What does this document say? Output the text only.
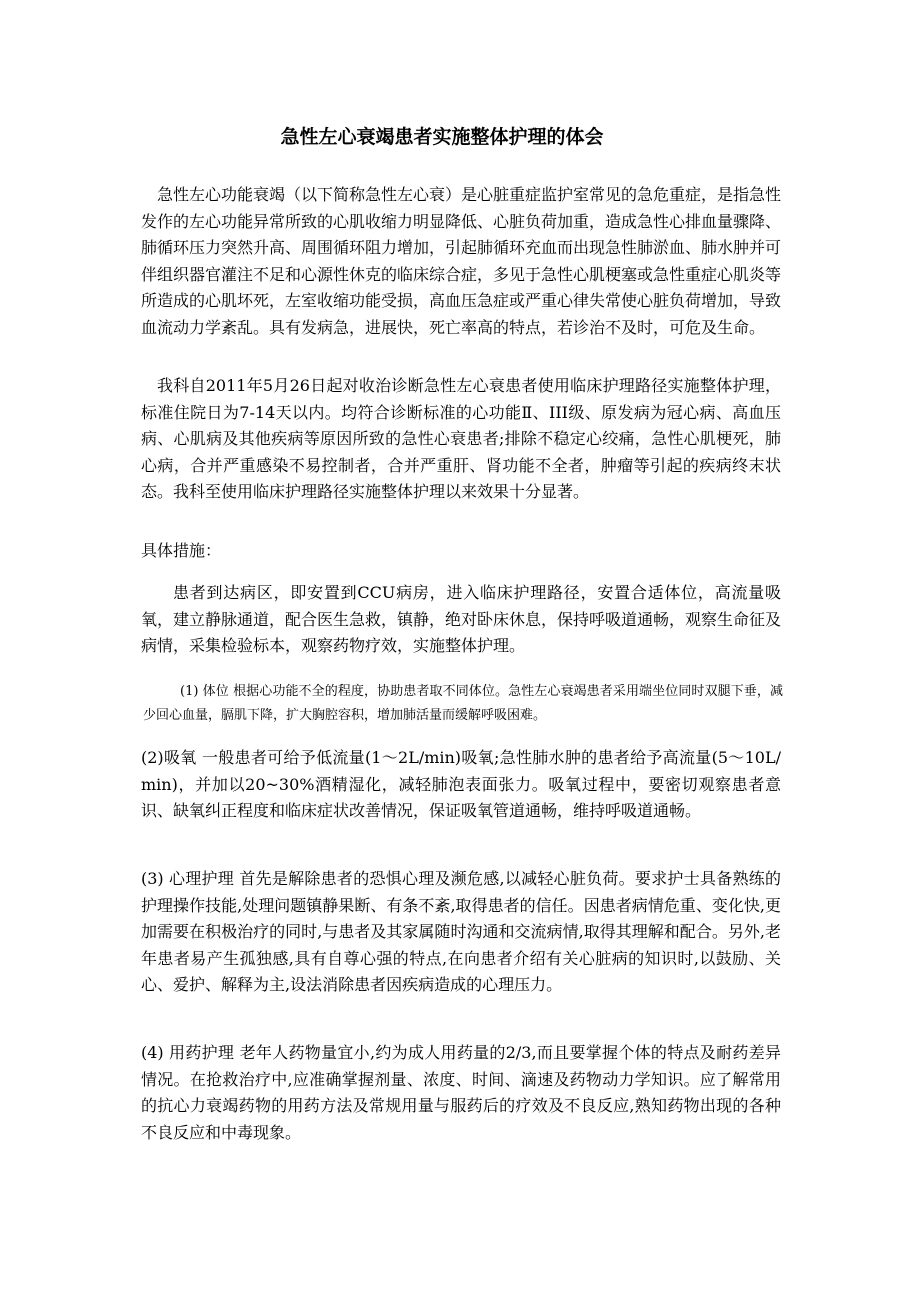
急性左心衰竭患者实施整体护理的体会

急性左心功能衰竭（以下简称急性左心衰）是心脏重症监护室常见的急危重症，是指急性发作的左心功能异常所致的心肌收缩力明显降低、心脏负荷加重，造成急性心排血量骤降、肺循环压力突然升高、周围循环阻力增加，引起肺循环充血而出现急性肺淤血、肺水肿并可伴组织器官灌注不足和心源性休克的临床综合症，多见于急性心肌梗塞或急性重症心肌炎等所造成的心肌坏死，左室收缩功能受损，高血压急症或严重心律失常使心脏负荷增加，导致血流动力学紊乱。具有发病急，进展快，死亡率高的特点，若诊治不及时，可危及生命。

我科自2011年5月26日起对收治诊断急性左心衰患者使用临床护理路径实施整体护理，标准住院日为7-14天以内。均符合诊断标准的心功能Ⅱ、III级、原发病为冠心病、高血压病、心肌病及其他疾病等原因所致的急性心衰患者;排除不稳定心绞痛，急性心肌梗死，肺心病，合并严重感染不易控制者，合并严重肝、肾功能不全者，肿瘤等引起的疾病终末状态。我科至使用临床护理路径实施整体护理以来效果十分显著。

具体措施：

患者到达病区，即安置到CCU病房，进入临床护理路径，安置合适体位，高流量吸氧，建立静脉通道，配合医生急救，镇静，绝对卧床休息，保持呼吸道通畅，观察生命征及病情，采集检验标本，观察药物疗效，实施整体护理。

(1) 体位 根据心功能不全的程度，协助患者取不同体位。急性左心衰竭患者采用端坐位同时双腿下垂，减少回心血量，膈肌下降，扩大胸腔容积，增加肺活量而缓解呼吸困难。

(2)吸氧 一般患者可给予低流量(1～2L/min)吸氧;急性肺水肿的患者给予高流量(5～10L/min)，并加以20~30%酒精湿化，减轻肺泡表面张力。吸氧过程中，要密切观察患者意识、缺氧纠正程度和临床症状改善情况，保证吸氧管道通畅，维持呼吸道通畅。

(3) 心理护理 首先是解除患者的恐惧心理及濒危感,以减轻心脏负荷。要求护士具备熟练的护理操作技能,处理问题镇静果断、有条不紊,取得患者的信任。因患者病情危重、变化快,更加需要在积极治疗的同时,与患者及其家属随时沟通和交流病情,取得其理解和配合。另外,老年患者易产生孤独感,具有自尊心强的特点,在向患者介绍有关心脏病的知识时,以鼓励、关心、爱护、解释为主,设法消除患者因疾病造成的心理压力。

(4) 用药护理 老年人药物量宜小,约为成人用药量的2/3,而且要掌握个体的特点及耐药差异情况。在抢救治疗中,应准确掌握剂量、浓度、时间、滴速及药物动力学知识。应了解常用的抗心力衰竭药物的用药方法及常规用量与服药后的疗效及不良反应,熟知药物出现的各种不良反应和中毒现象。
